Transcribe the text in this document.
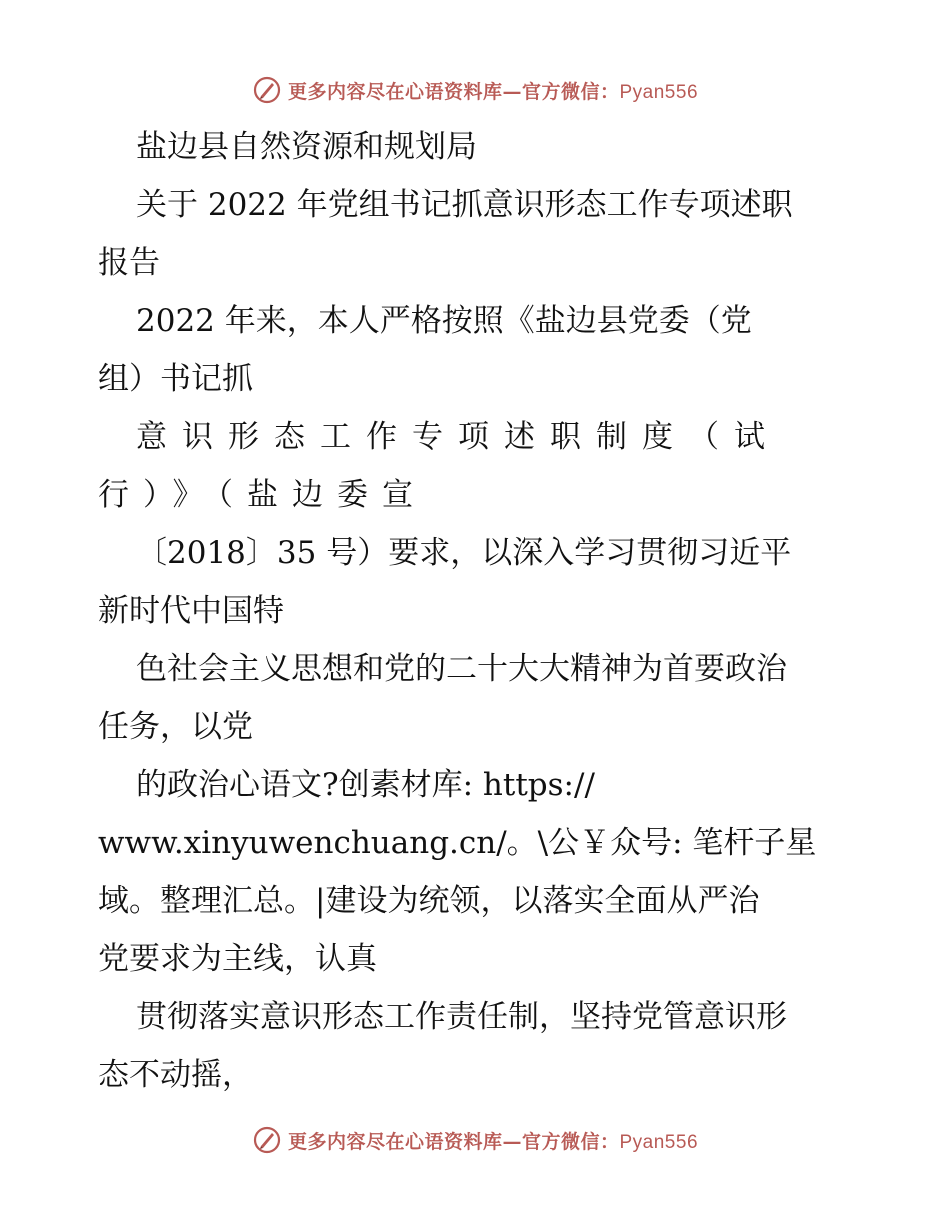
更多内容尽在心语资料库—官方微信：Pyan556
盐边县自然资源和规划局
关于 2022 年党组书记抓意识形态工作专项述职
报告
2022 年来，本人严格按照《盐边县党委（党
组）书记抓
意识形态工作专项述职制度（试
行）》（盐边委宣
〔2018〕35 号）要求，以深入学习贯彻习近平
新时代中国特
色社会主义思想和党的二十大大精神为首要政治
任务，以党
的政治心语文?创素材库: https://
www.xinyuwenchuang.cn/。\公￥众号: 笔杆子星
域。整理汇总。|建设为统领，以落实全面从严治
党要求为主线，认真
贯彻落实意识形态工作责任制，坚持党管意识形
态不动摇，
更多内容尽在心语资料库—官方微信：Pyan556
